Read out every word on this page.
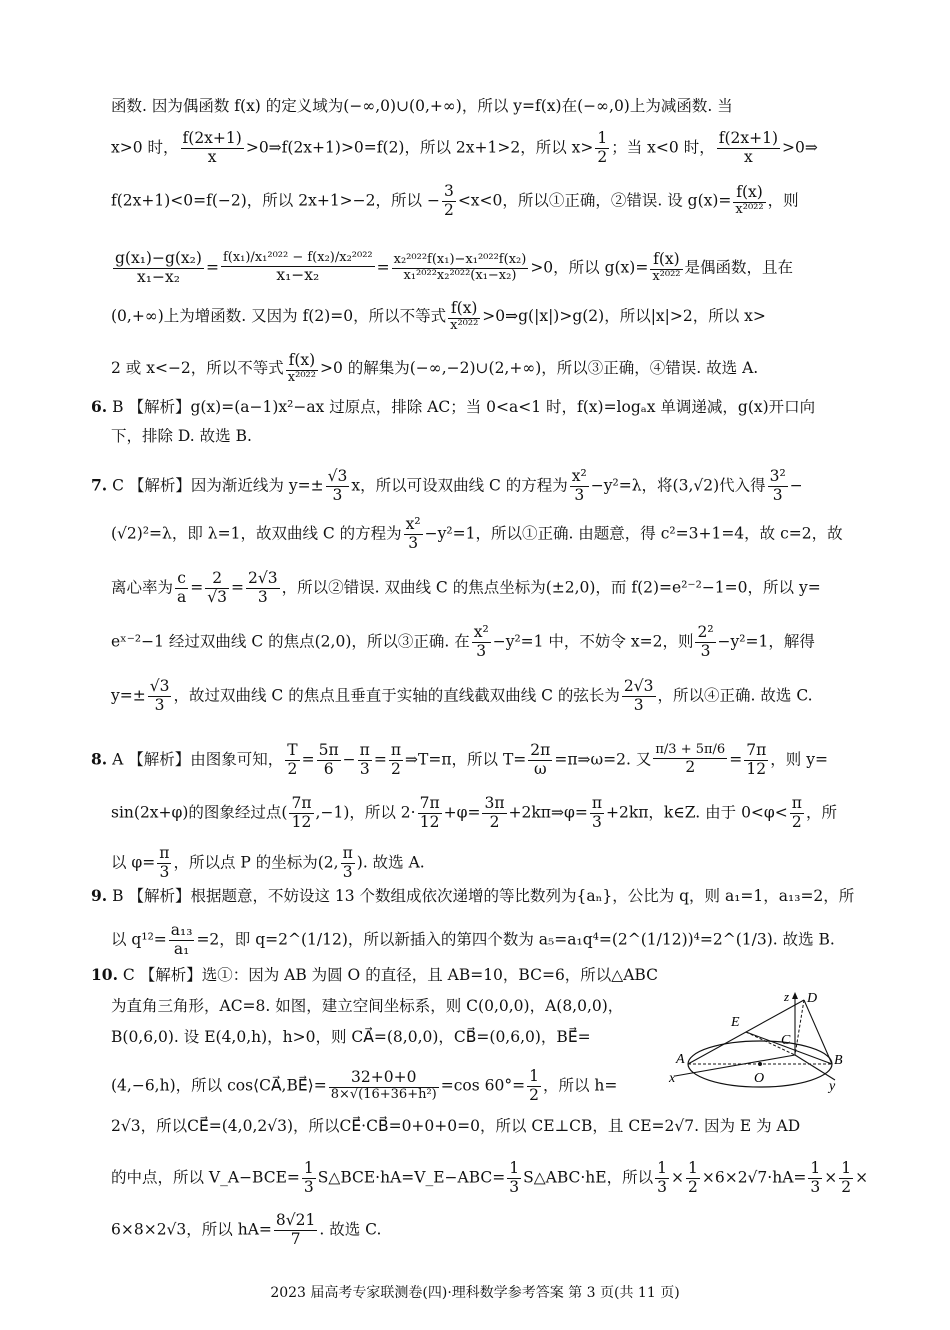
函数. 因为偶函数 f(x) 的定义域为(−∞,0)∪(0,+∞)，所以 y=f(x)在(−∞,0)上为减函数. 当
x>0 时， $\frac{f(2x+1)}{x}$ >0⇒f(2x+1)>0=f(2)，所以 2x+1>2，所以 $x> \frac{1}{2}$ ；当 x<0 时， $\frac{f(2x+1)}{x}$ >0⇒
f(2x+1)<0=f(−2)，所以 2x+1>−2，所以 − $\frac{3}{2} <x<0$，所以①正确，②错误. 设 g(x)= f(x)
x²⁰²²
，则
$\frac{\text{g(x₁)−g(x₂)}}{\text{x₁−x₂}}$ =
f(x₁)/x₁²⁰²² − f(x₂)/x₂²⁰²²
x₁−x₂	= $\frac{\text{x₂²⁰²²f(x₁)−x₁²⁰²²f(x₂)}}{\text{x₁²⁰²²x₂²⁰²²(x₁−x₂)}} >0$，所以 g(x)= f(x)
x²⁰²²
是偶函数，且在
(0,+∞)上为增函数. 又因为 f(2)=0，所以不等式 f(x)
x²⁰²²
>0⇒g(|x|)>g(2)，所以|x|>2，所以 x>
2 或 x<−2，所以不等式 f(x)
x²⁰²²
>0 的解集为(−∞,−2)∪(2,+∞)，所以③正确，④错误. 故选 A.
6. B 【解析】g(x)=(a−1)x²−ax 过原点，排除 AC；当 0<a<1 时，f(x)=logₐx 单调递减，g(x)开口向
下，排除 D. 故选 B.
7. C 【解析】因为渐近线为 $y=\pm \frac{√3}{3}$ x，所以可设双曲线 C 的方程为 $\frac{\text{x²}}{3} -y^2=\lambda$，将(3,√2)代入得 $\frac{\text{3²}}{3}$ −
(√2)²=λ，即 λ=1，故双曲线 C 的方程为 $\frac{\text{x²}}{3} -y^2=1$，所以①正确. 由题意，得 c²=3+1=4，故 c=2，故
离心率为 $\frac{c}{a} = \frac{2}{√3} = \frac{2√3}{3}$ ，所以②错误. 双曲线 C 的焦点坐标为(±2,0)，而 f(2)=e²⁻²−1=0，所以 y=
eˣ⁻²−1 经过双曲线 C 的焦点(2,0)，所以③正确. 在 $\frac{\text{x²}}{3} -y^2=1$ 中，不妨令 x=2，则 $\frac{\text{2²}}{3} -y^2=1$，解得
$y=\pm \frac{√3}{3}$ ，故过双曲线 C 的焦点且垂直于实轴的直线截双曲线 C 的弦长为 $\frac{2√3}{3}$ ，所以④正确. 故选 C.
8. A 【解析】由图象可知， $\frac{T}{2} = \frac{5\pi}{6} - \frac{\pi}{3} = \frac{\pi}{2}$ ⇒T=π，所以 $T= \frac{2\pi}{\omega}$ =π⇒ω=2. 又
π/3 + 5π/6
2	= $\frac{7\pi}{12}$ ，则 y=
sin(2x+φ)的图象经过点( $\frac{7\pi}{12} ,-1$)，所以 $2\cdot \frac{7\pi}{12} +\varphi= \frac{3\pi}{2}$ +2kπ⇒φ= $\frac{\pi}{3} +2k\pi$，k∈Z. 由于 $0<\varphi< \frac{\pi}{2}$ ，所
以 $\varphi= \frac{\pi}{3}$ ，所以点 P 的坐标为(2, $\frac{\pi}{3}$ ). 故选 A.
9. B 【解析】根据题意，不妨设这 13 个数组成依次递增的等比数列为{aₙ}，公比为 q，则 a₁=1，a₁₃=2，所
以 $q^{12}= \frac{\text{a₁₃}}{\text{a₁}} =2$，即 q=2^(1/12)，所以新插入的第四个数为 a₅=a₁q⁴=(2^(1/12))⁴=2^(1/3). 故选 B.
10. C 【解析】选①：因为 AB 为圆 O 的直径，且 AB=10，BC=6，所以△ABC
为直角三角形，AC=8. 如图，建立空间坐标系，则 C(0,0,0)，A(8,0,0)，
B(0,6,0). 设 E(4,0,h)，h>0，则 CA⃗=(8,0,0)，CB⃗=(0,6,0)，BE⃗=
(4,−6,h)，所以 cos⟨CA⃗,BE⃗⟩=	32+0+0
8×√(16+36+h²)
=cos $60^\circ= \frac{1}{2}$ ，所以 h=
2√3，所以CE⃗=(4,0,2√3)，所以CE⃗·CB⃗=0+0+0=0，所以 CE⊥CB，且 CE=2√7. 因为 E 为 AD
的中点，所以 V_A−BCE= $\frac{1}{3}$ S△BCE·hA=V_E−ABC= $\frac{1}{3}$ S△ABC·hE，所以 $\frac{1}{3} \times \frac{1}{2} \times 6\times 2√7\cdot hA= \frac{1}{3} \times \frac{1}{2}$ ×
6×8×2√3，所以 $hA= \frac{8√21}{7}$ . 故选 C.
z D
E
C
A	B
O
x
y
2023 届高考专家联测卷(四)·理科数学参考答案 第 3 页(共 11 页)
